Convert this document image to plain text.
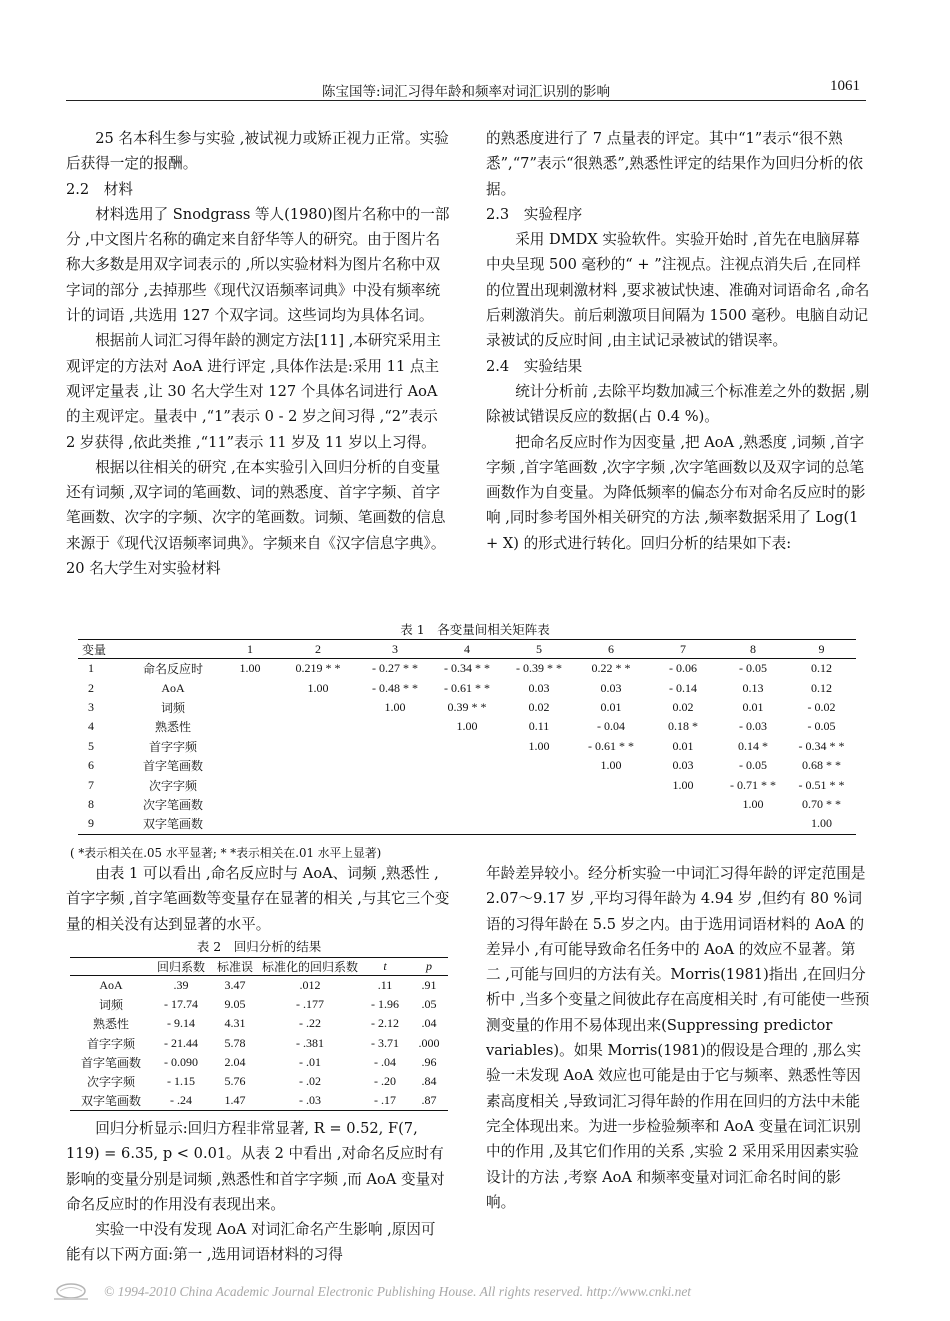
陈宝国等:词汇习得年龄和频率对词汇识别的影响	1061

25 名本科生参与实验 ,被试视力或矫正视力正常。实验后获得一定的报酬。

2.2　材料

材料选用了 Snodgrass 等人(1980)图片名称中的一部分 ,中文图片名称的确定来自舒华等人的研究。由于图片名称大多数是用双字词表示的 ,所以实验材料为图片名称中双字词的部分 ,去掉那些《现代汉语频率词典》中没有频率统计的词语 ,共选用 127 个双字词。这些词均为具体名词。

根据前人词汇习得年龄的测定方法[11] ,本研究采用主观评定的方法对 AoA 进行评定 ,具体作法是:采用 11 点主观评定量表 ,让 30 名大学生对 127 个具体名词进行 AoA 的主观评定。量表中 ,“1”表示 0 - 2 岁之间习得 ,“2”表示 2 岁获得 ,依此类推 ,“11”表示 11 岁及 11 岁以上习得。

根据以往相关的研究 ,在本实验引入回归分析的自变量还有词频 ,双字词的笔画数、词的熟悉度、首字字频、首字笔画数、次字的字频、次字的笔画数。词频、笔画数的信息来源于《现代汉语频率词典》。字频来自《汉字信息字典》。20 名大学生对实验材料

的熟悉度进行了 7 点量表的评定。其中“1”表示“很不熟悉”,“7”表示“很熟悉”,熟悉性评定的结果作为回归分析的依据。

2.3　实验程序

采用 DMDX 实验软件。实验开始时 ,首先在电脑屏幕中央呈现 500 毫秒的“ + ”注视点。注视点消失后 ,在同样的位置出现刺激材料 ,要求被试快速、准确对词语命名 ,命名后刺激消失。前后刺激项目间隔为 1500 毫秒。电脑自动记录被试的反应时间 ,由主试记录被试的错误率。

2.4　实验结果

统计分析前 ,去除平均数加减三个标准差之外的数据 ,剔除被试错误反应的数据(占 0.4 %)。

把命名反应时作为因变量 ,把 AoA ,熟悉度 ,词频 ,首字字频 ,首字笔画数 ,次字字频 ,次字笔画数以及双字词的总笔画数作为自变量。为降低频率的偏态分布对命名反应时的影响 ,同时参考国外相关研究的方法 ,频率数据采用了 Log(1 + X) 的形式进行转化。回归分析的结果如下表:

表 1　各变量间相关矩阵表
变量		1	2	3	4	5	6	7	8	9
1	命名反应时	1.00	0.219 * *	- 0.27 * *	- 0.34 * *	- 0.39 * *	0.22 * *	- 0.06	- 0.05	0.12
2	AoA		1.00	- 0.48 * *	- 0.61 * *	0.03	0.03	- 0.14	0.13	0.12
3	词频			1.00	0.39 * *	0.02	0.01	0.02	0.01	- 0.02
4	熟悉性				1.00	0.11	- 0.04	0.18 *	- 0.03	- 0.05
5	首字字频					1.00	- 0.61 * *	0.01	0.14 *	- 0.34 * *
6	首字笔画数						1.00	0.03	- 0.05	0.68 * *
7	次字字频							1.00	- 0.71 * *	- 0.51 * *
8	次字笔画数								1.00	0.70 * *
9	双字笔画数									1.00
( *表示相关在.05 水平显著; * *表示相关在.01 水平上显著)

由表 1 可以看出 ,命名反应时与 AoA、词频 ,熟悉性 ,首字字频 ,首字笔画数等变量存在显著的相关 ,与其它三个变量的相关没有达到显著的水平。

表 2　回归分析的结果
	回归系数	标准误	标准化的回归系数	t	p
AoA	.39	3.47	.012	.11	.91
词频	- 17.74	9.05	- .177	- 1.96	.05
熟悉性	- 9.14	4.31	- .22	- 2.12	.04
首字字频	- 21.44	5.78	- .381	- 3.71	.000
首字笔画数	- 0.090	2.04	- .01	- .04	.96
次字字频	- 1.15	5.76	- .02	- .20	.84
双字笔画数	- .24	1.47	- .03	- .17	.87

回归分析显示:回归方程非常显著, R = 0.52, F(7, 119) = 6.35, p < 0.01。从表 2 中看出 ,对命名反应时有影响的变量分别是词频 ,熟悉性和首字字频 ,而 AoA 变量对命名反应时的作用没有表现出来。

实验一中没有发现 AoA 对词汇命名产生影响 ,原因可能有以下两方面:第一 ,选用词语材料的习得

年龄差异较小。经分析实验一中词汇习得年龄的评定范围是 2.07～9.17 岁 ,平均习得年龄为 4.94 岁 ,但约有 80 %词语的习得年龄在 5.5 岁之内。由于选用词语材料的 AoA 的差异小 ,有可能导致命名任务中的 AoA 的效应不显著。第二 ,可能与回归的方法有关。Morris(1981)指出 ,在回归分析中 ,当多个变量之间彼此存在高度相关时 ,有可能使一些预测变量的作用不易体现出来(Suppressing predictor variables)。如果 Morris(1981)的假设是合理的 ,那么实验一未发现 AoA 效应也可能是由于它与频率、熟悉性等因素高度相关 ,导致词汇习得年龄的作用在回归的方法中未能完全体现出来。为进一步检验频率和 AoA 变量在词汇识别中的作用 ,及其它们作用的关系 ,实验 2 采用采用因素实验设计的方法 ,考察 AoA 和频率变量对词汇命名时间的影响。

© 1994-2010 China Academic Journal Electronic Publishing House. All rights reserved. http://www.cnki.net
